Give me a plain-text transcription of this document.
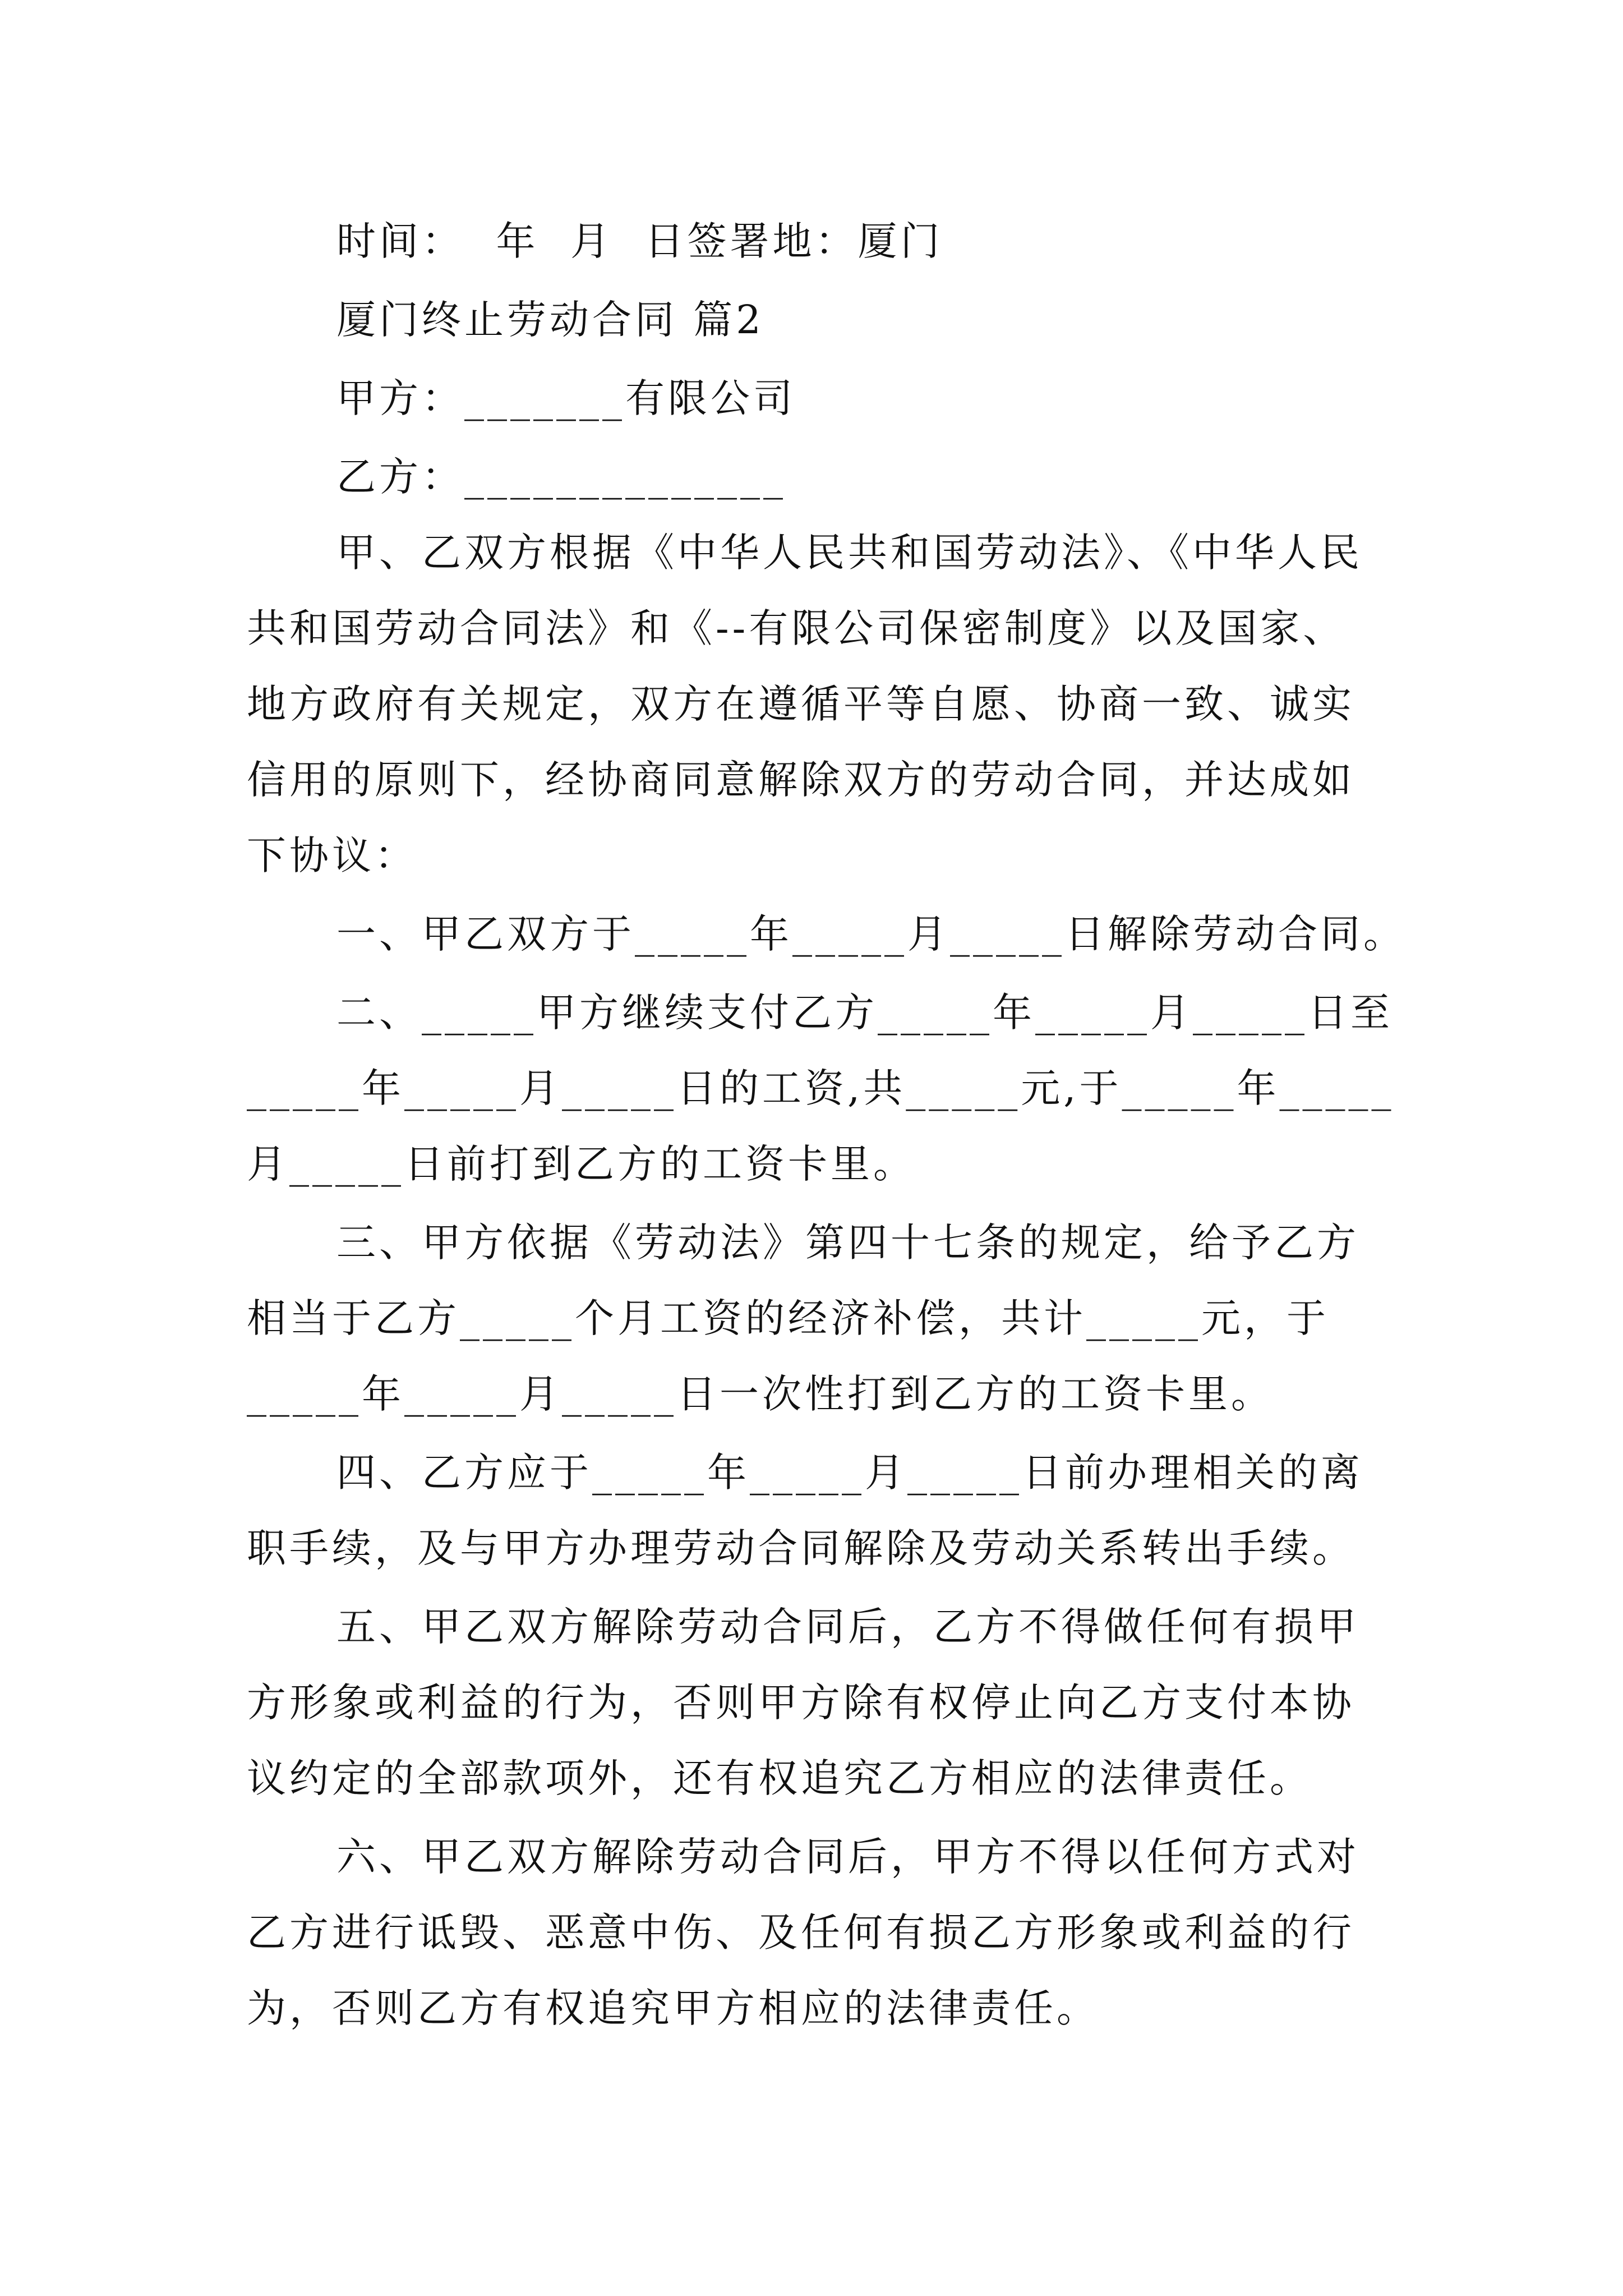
时间：  年  月  日签署地：厦门
厦门终止劳动合同 篇2
甲方：_______有限公司
乙方：______________
甲、乙双方根据《中华人民共和国劳动法》、《中华人民
共和国劳动合同法》和《--有限公司保密制度》以及国家、
地方政府有关规定，双方在遵循平等自愿、协商一致、诚实
信用的原则下，经协商同意解除双方的劳动合同，并达成如
下协议：
一、甲乙双方于_____年_____月_____日解除劳动合同。
二、_____甲方继续支付乙方_____年_____月_____日至
_____年_____月_____日的工资,共_____元,于_____年_____
月_____日前打到乙方的工资卡里。
三、甲方依据《劳动法》第四十七条的规定，给予乙方
相当于乙方_____个月工资的经济补偿，共计_____元，于
_____年_____月_____日一次性打到乙方的工资卡里。
四、乙方应于_____年_____月_____日前办理相关的离
职手续，及与甲方办理劳动合同解除及劳动关系转出手续。
五、甲乙双方解除劳动合同后，乙方不得做任何有损甲
方形象或利益的行为，否则甲方除有权停止向乙方支付本协
议约定的全部款项外，还有权追究乙方相应的法律责任。
六、甲乙双方解除劳动合同后，甲方不得以任何方式对
乙方进行诋毁、恶意中伤、及任何有损乙方形象或利益的行
为，否则乙方有权追究甲方相应的法律责任。
